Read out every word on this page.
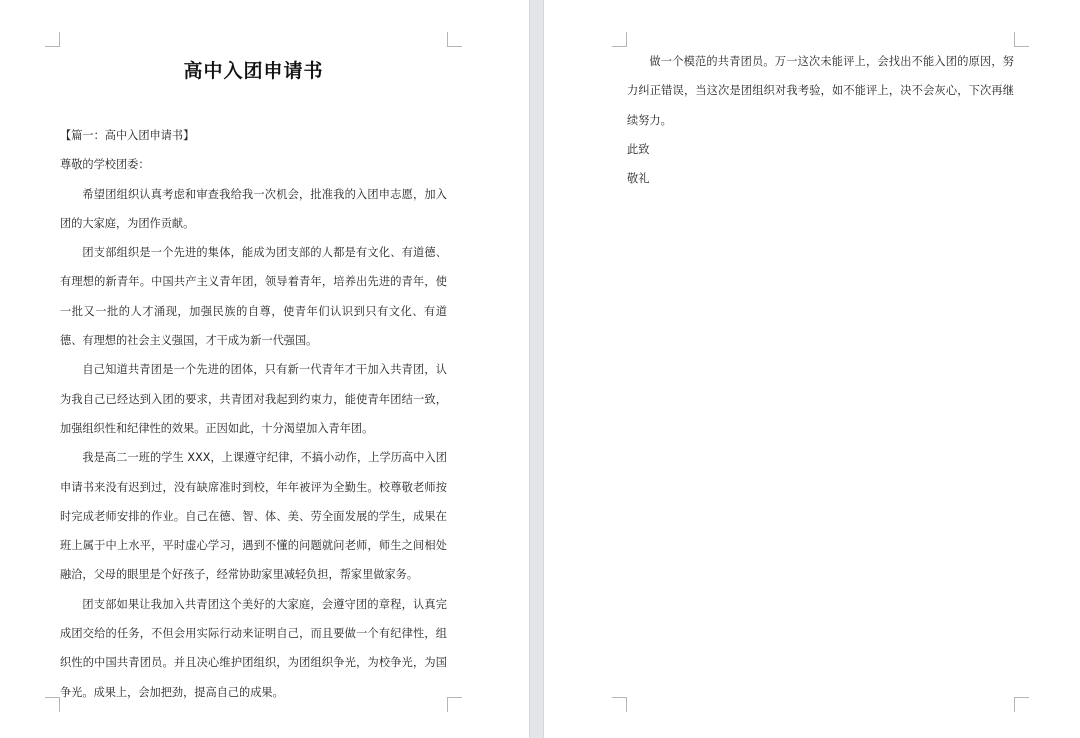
高中入团申请书

【篇一：高中入团申请书】

尊敬的学校团委：

希望团组织认真考虑和审查我给我一次机会，批准我的入团申志愿，加入团的大家庭，为团作贡献。

团支部组织是一个先进的集体，能成为团支部的人都是有文化、有道德、有理想的新青年。中国共产主义青年团，领导着青年，培养出先进的青年，使一批又一批的人才涌现，加强民族的自尊，使青年们认识到只有文化、有道德、有理想的社会主义强国，才干成为新一代强国。

自己知道共青团是一个先进的团体，只有新一代青年才干加入共青团，认为我自己已经达到入团的要求，共青团对我起到约束力，能使青年团结一致，加强组织性和纪律性的效果。正因如此，十分渴望加入青年团。

我是高二一班的学生 XXX，上课遵守纪律，不搞小动作，上学历高中入团申请书来没有迟到过，没有缺席准时到校，年年被评为全勤生。校尊敬老师按时完成老师安排的作业。自己在德、智、体、美、劳全面发展的学生，成果在班上属于中上水平，平时虚心学习，遇到不懂的问题就问老师，师生之间相处融洽，父母的眼里是个好孩子，经常协助家里减轻负担，帮家里做家务。

团支部如果让我加入共青团这个美好的大家庭，会遵守团的章程，认真完成团交给的任务，不但会用实际行动来证明自己，而且要做一个有纪律性，组织性的中国共青团员。并且决心维护团组织，为团组织争光，为校争光，为国争光。成果上，会加把劲，提高自己的成果。

做一个模范的共青团员。万一这次未能评上，会找出不能入团的原因，努力纠正错误，当这次是团组织对我考验，如不能评上，决不会灰心，下次再继续努力。

此致

敬礼
